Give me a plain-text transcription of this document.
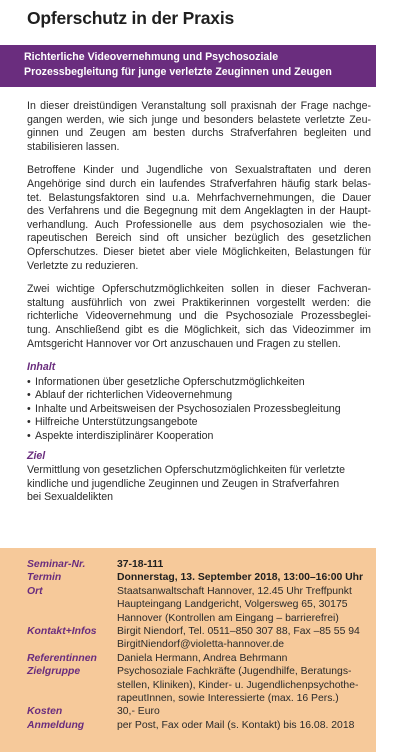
Opferschutz in der Praxis
Richterliche Videovernehmung und Psychosoziale
Prozessbegleitung für junge verletzte Zeuginnen und Zeugen
In dieser dreistündigen Veranstaltung soll praxisnah der Frage nachge-
gangen werden, wie sich junge und besonders belastete verletzte Zeu-
ginnen und Zeugen am besten durchs Strafverfahren begleiten und
stabilisieren lassen.
Betroffene Kinder und Jugendliche von Sexualstraftaten und deren
Angehörige sind durch ein laufendes Strafverfahren häufig stark belas-
tet. Belastungsfaktoren sind u.a. Mehrfachvernehmungen, die Dauer
des Verfahrens und die Begegnung mit dem Angeklagten in der Haupt-
verhandlung. Auch Professionelle aus dem psychosozialen wie the-
rapeutischen Bereich sind oft unsicher bezüglich des gesetzlichen
Opferschutzes. Dieser bietet aber viele Möglichkeiten, Belastungen für
Verletzte zu reduzieren.
Zwei wichtige Opferschutzmöglichkeiten sollen in dieser Fachveran-
staltung ausführlich von zwei Praktikerinnen vorgestellt werden: die
richterliche Videovernehmung und die Psychosoziale Prozessbeglei-
tung. Anschließend gibt es die Möglichkeit, sich das Videozimmer im
Amtsgericht Hannover vor Ort anzuschauen und Fragen zu stellen.
Inhalt
• Informationen über gesetzliche Opferschutzmöglichkeiten
• Ablauf der richterlichen Videovernehmung
• Inhalte und Arbeitsweisen der Psychosozialen Prozessbegleitung
• Hilfreiche Unterstützungsangebote
• Aspekte interdisziplinärer Kooperation
Ziel
Vermittlung von gesetzlichen Opferschutzmöglichkeiten für verletzte
kindliche und jugendliche Zeuginnen und Zeugen in Strafverfahren
bei Sexualdelikten
Seminar-Nr.	37-18-111
Termin	Donnerstag, 13. September 2018, 13:00–16:00 Uhr
Ort	Staatsanwaltschaft Hannover, 12.45 Uhr Treffpunkt
Haupteingang Landgericht, Volgersweg 65, 30175
Hannover (Kontrollen am Eingang – barrierefrei)
Kontakt+Infos	Birgit Niendorf, Tel. 0511–850 307 88, Fax –85 55 94
BirgitNiendorf@violetta-hannover.de
Referentinnen	Daniela Hermann, Andrea Behrmann
Zielgruppe	Psychosoziale Fachkräfte (Jugendhilfe, Beratungs-
stellen, Kliniken), Kinder- u. Jugendlichenpsychothe-
rapeutInnen, sowie Interessierte (max. 16 Pers.)
Kosten	30,- Euro
Anmeldung	per Post, Fax oder Mail (s. Kontakt) bis 16.08. 2018
